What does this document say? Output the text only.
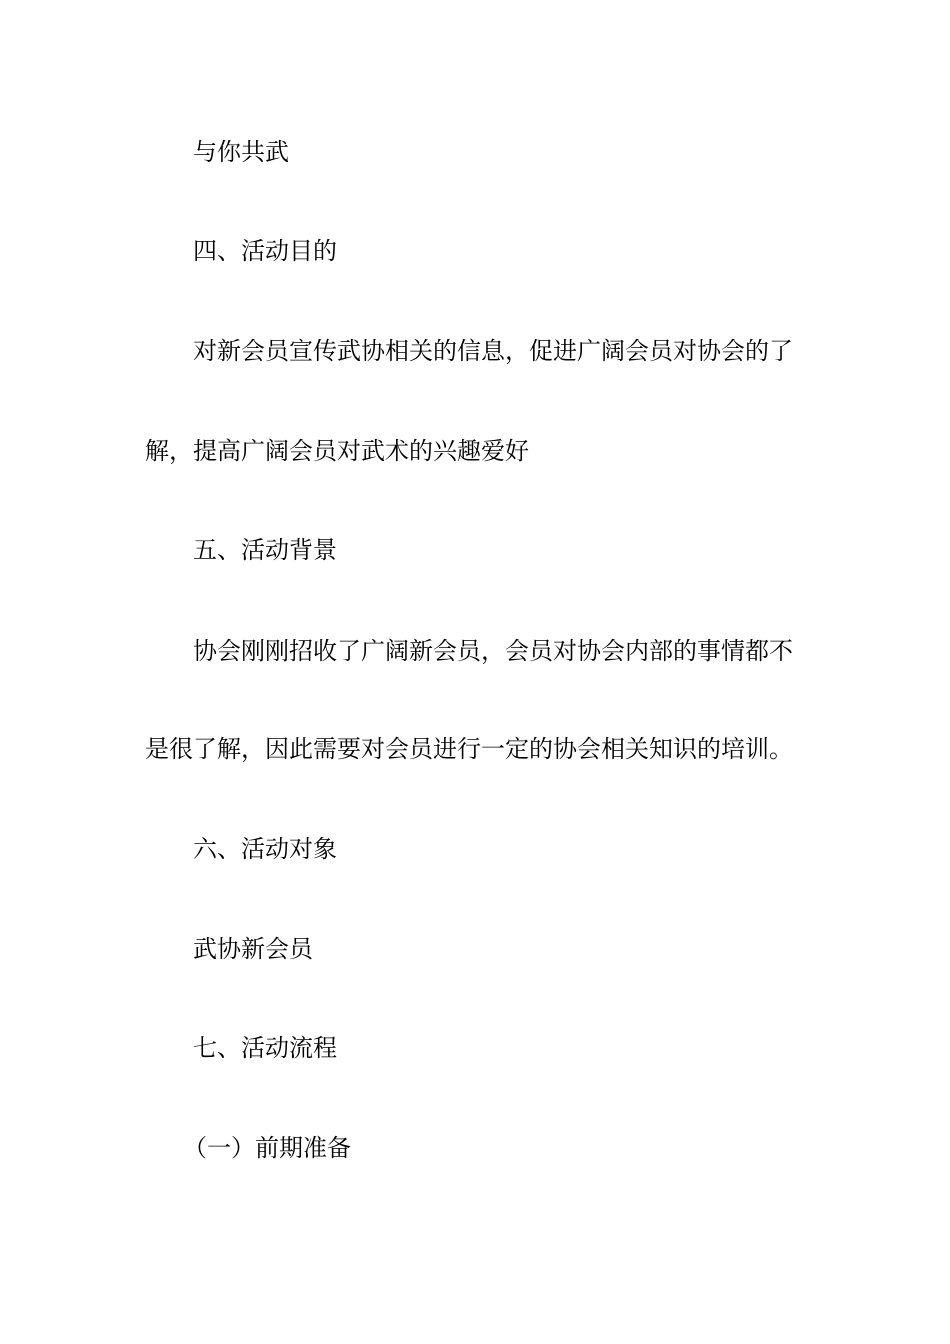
与你共武
四、活动目的
对新会员宣传武协相关的信息，促进广阔会员对协会的了
解，提高广阔会员对武术的兴趣爱好
五、活动背景
协会刚刚招收了广阔新会员，会员对协会内部的事情都不
是很了解，因此需要对会员进行一定的协会相关知识的培训。
六、活动对象
武协新会员
七、活动流程
（一）前期准备
